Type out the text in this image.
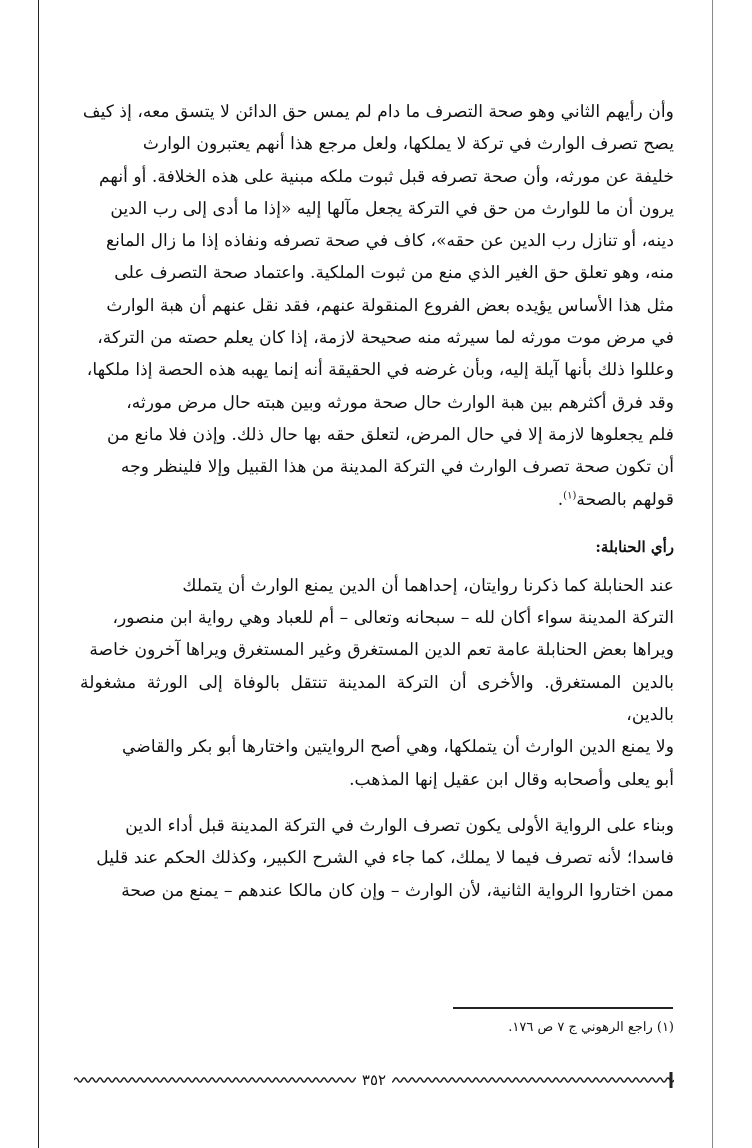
وأن رأيهم الثاني وهو صحة التصرف ما دام لم يمس حق الدائن لا يتسق معه، إذ كيف
يصح تصرف الوارث في تركة لا يملكها، ولعل مرجع هذا أنهم يعتبرون الوارث
خليفة عن مورثه، وأن صحة تصرفه قبل ثبوت ملكه مبنية على هذه الخلافة. أو أنهم
يرون أن ما للوارث من حق في التركة يجعل مآلها إليه «إذا ما أدى إلى رب الدين
دينه، أو تنازل رب الدين عن حقه»، كاف في صحة تصرفه ونفاذه إذا ما زال المانع
منه، وهو تعلق حق الغير الذي منع من ثبوت الملكية. واعتماد صحة التصرف على
مثل هذا الأساس يؤيده بعض الفروع المنقولة عنهم، فقد نقل عنهم أن هبة الوارث
في مرض موت مورثه لما سيرثه منه صحيحة لازمة، إذا كان يعلم حصته من التركة،
وعللوا ذلك بأنها آيلة إليه، وبأن غرضه في الحقيقة أنه إنما يهبه هذه الحصة إذا ملكها،
وقد فرق أكثرهم بين هبة الوارث حال صحة مورثه وبين هبته حال مرض مورثه،
فلم يجعلوها لازمة إلا في حال المرض، لتعلق حقه بها حال ذلك. وإذن فلا مانع من
أن تكون صحة تصرف الوارث في التركة المدينة من هذا القبيل وإلا فلينظر وجه
قولهم بالصحة$^{(١)}$.

رأي الحنابلة:

عند الحنابلة كما ذكرنا روايتان، إحداهما أن الدين يمنع الوارث أن يتملك
التركة المدينة سواء أكان لله – سبحانه وتعالى – أم للعباد وهي رواية ابن منصور،
ويراها بعض الحنابلة عامة تعم الدين المستغرق وغير المستغرق ويراها آخرون خاصة
بالدين المستغرق. والأخرى أن التركة المدينة تنتقل بالوفاة إلى الورثة مشغولة بالدين،
ولا يمنع الدين الوارث أن يتملكها، وهي أصح الروايتين واختارها أبو بكر والقاضي
أبو يعلى وأصحابه وقال ابن عقيل إنها المذهب.

وبناء على الرواية الأولى يكون تصرف الوارث في التركة المدينة قبل أداء الدين
فاسدا؛ لأنه تصرف فيما لا يملك، كما جاء في الشرح الكبير، وكذلك الحكم عند قليل
ممن اختاروا الرواية الثانية، لأن الوارث – وإن كان مالكا عندهم – يمنع من صحة

(١) راجع الرهوني ج ٧ ص ١٧٦.
٣٥٢
